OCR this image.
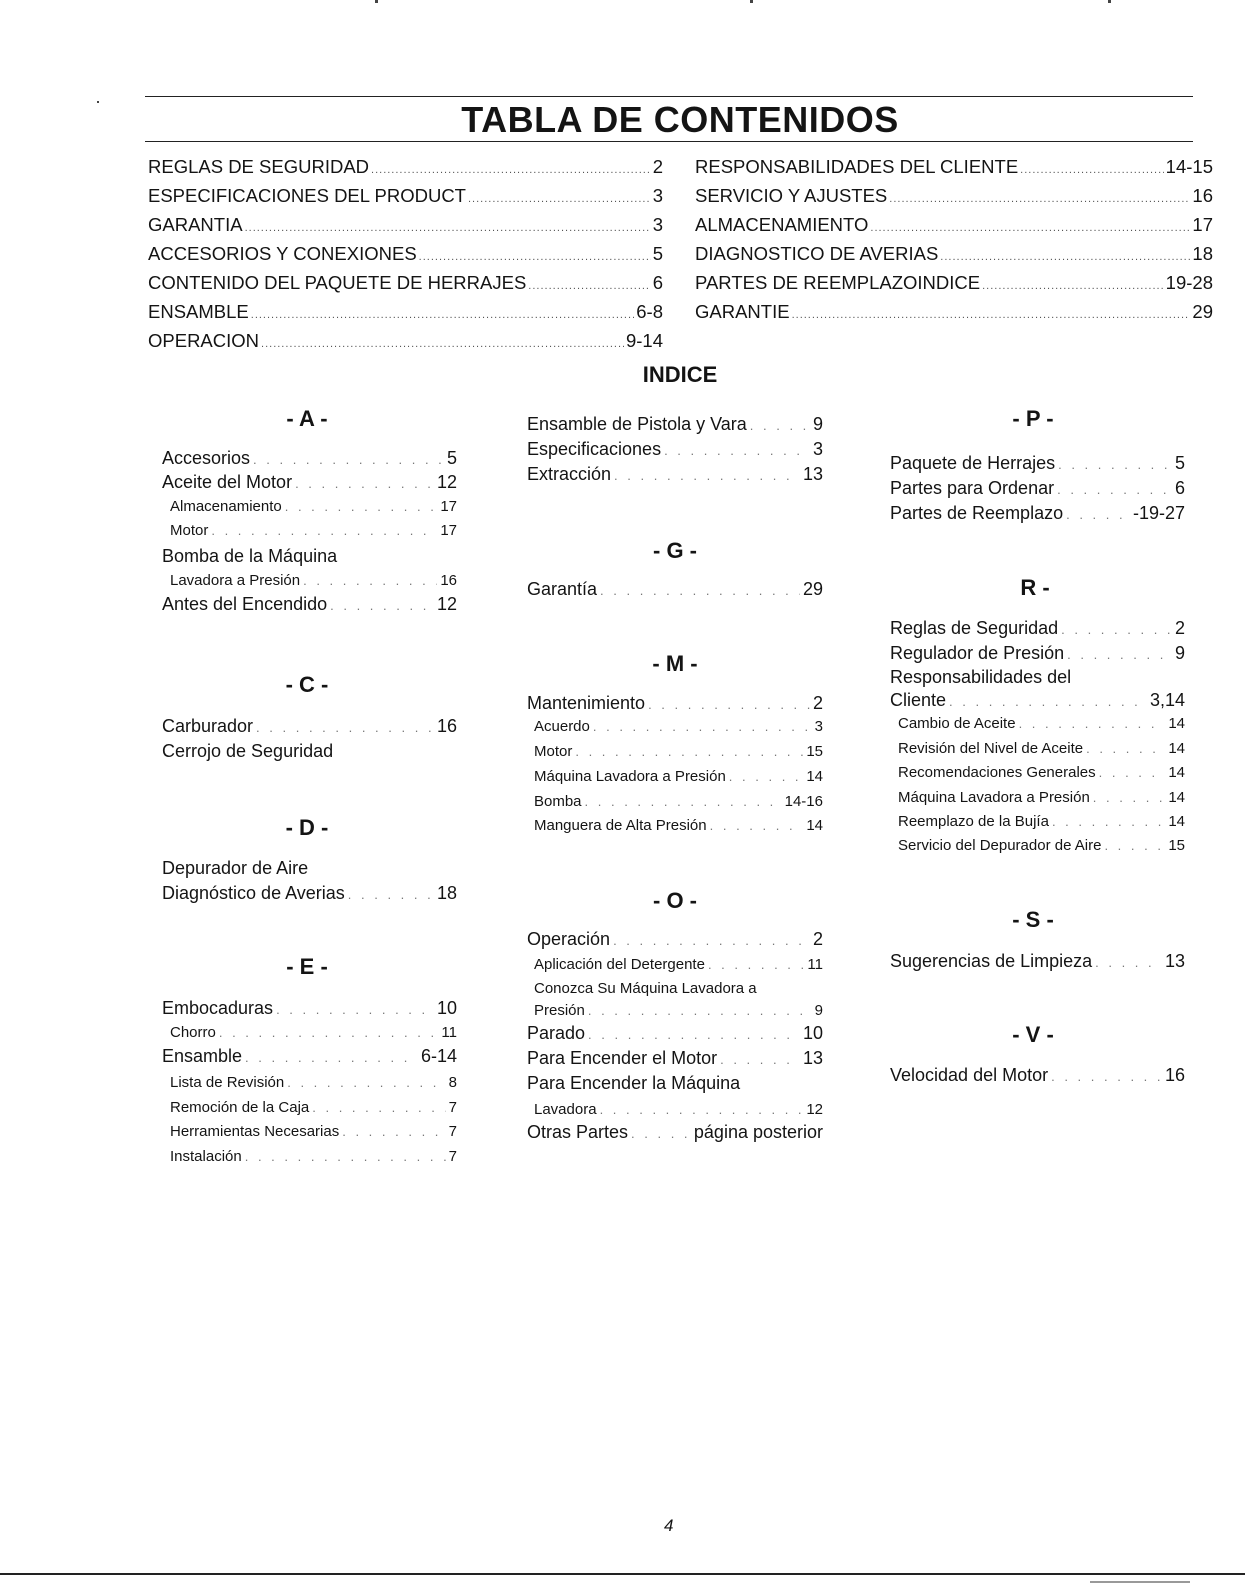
TABLA DE CONTENIDOS
REGLAS DE SEGURIDAD .....	2
ESPECIFICACIONES DEL PRODUCT .....	3
GARANTIA .....	3
ACCESORIOS Y CONEXIONES .....	5
CONTENIDO DEL PAQUETE DE HERRAJES .....	6
ENSAMBLE .....	6-8
OPERACION .....	9-14
RESPONSABILIDADES DEL CLIENTE .....	14-15
SERVICIO Y AJUSTES .....	16
ALMACENAMIENTO .....	17
DIAGNOSTICO DE AVERIAS .....	18
PARTES DE REEMPLAZOINDICE .....	19-28
GARANTIE .....	29
INDICE
- A -
Accesorios . . .	5
Aceite del Motor . . .	12
Almacenamiento . . .	17
Motor . . .	17
Bomba de la Máquina
Lavadora a Presión . . .	16
Antes del Encendido . . .	12
- C -
Carburador . . .	16
Cerrojo de Seguridad
- D -
Depurador de Aire
Diagnóstico de Averias . . .	18
- E -
Embocaduras . . .	10
Chorro . . .	11
Ensamble . . .	6-14
Lista de Revisión . . .	8
Remoción de la Caja . . .	7
Herramientas Necesarias . . .	7
Instalación . . .	7
Ensamble de Pistola y Vara . . .	9
Especificaciones . . .	3
Extracción . . .	13
- G -
Garantía . . .	29
- M -
Mantenimiento . . .	2
Acuerdo . . .	3
Motor . . .	15
Máquina Lavadora a Presión . . .	14
Bomba . . .	14-16
Manguera de Alta Presión . . .	14
- O -
Operación . . .	2
Aplicación del Detergente . . .	11
Conozca Su Máquina Lavadora a
Presión . . .	9
Parado . . .	10
Para Encender el Motor . . .	13
Para Encender la Máquina
Lavadora . . .	12
Otras Partes . . .	página posterior
- P -
Paquete de Herrajes . . .	5
Partes para Ordenar . . .	6
Partes de Reemplazo . . .	-19-27
R -
Reglas de Seguridad . . .	2
Regulador de Presión . . .	9
Responsabilidades del
Cliente . . .	3,14
Cambio de Aceite . . .	14
Revisión del Nivel de Aceite . . .	14
Recomendaciones Generales . . .	14
Máquina Lavadora a Presión . . .	14
Reemplazo de la Bujía . . .	14
Servicio del Depurador de Aire . . .	15
- S -
Sugerencias de Limpieza . . .	13
- V -
Velocidad del Motor . . .	16
4
